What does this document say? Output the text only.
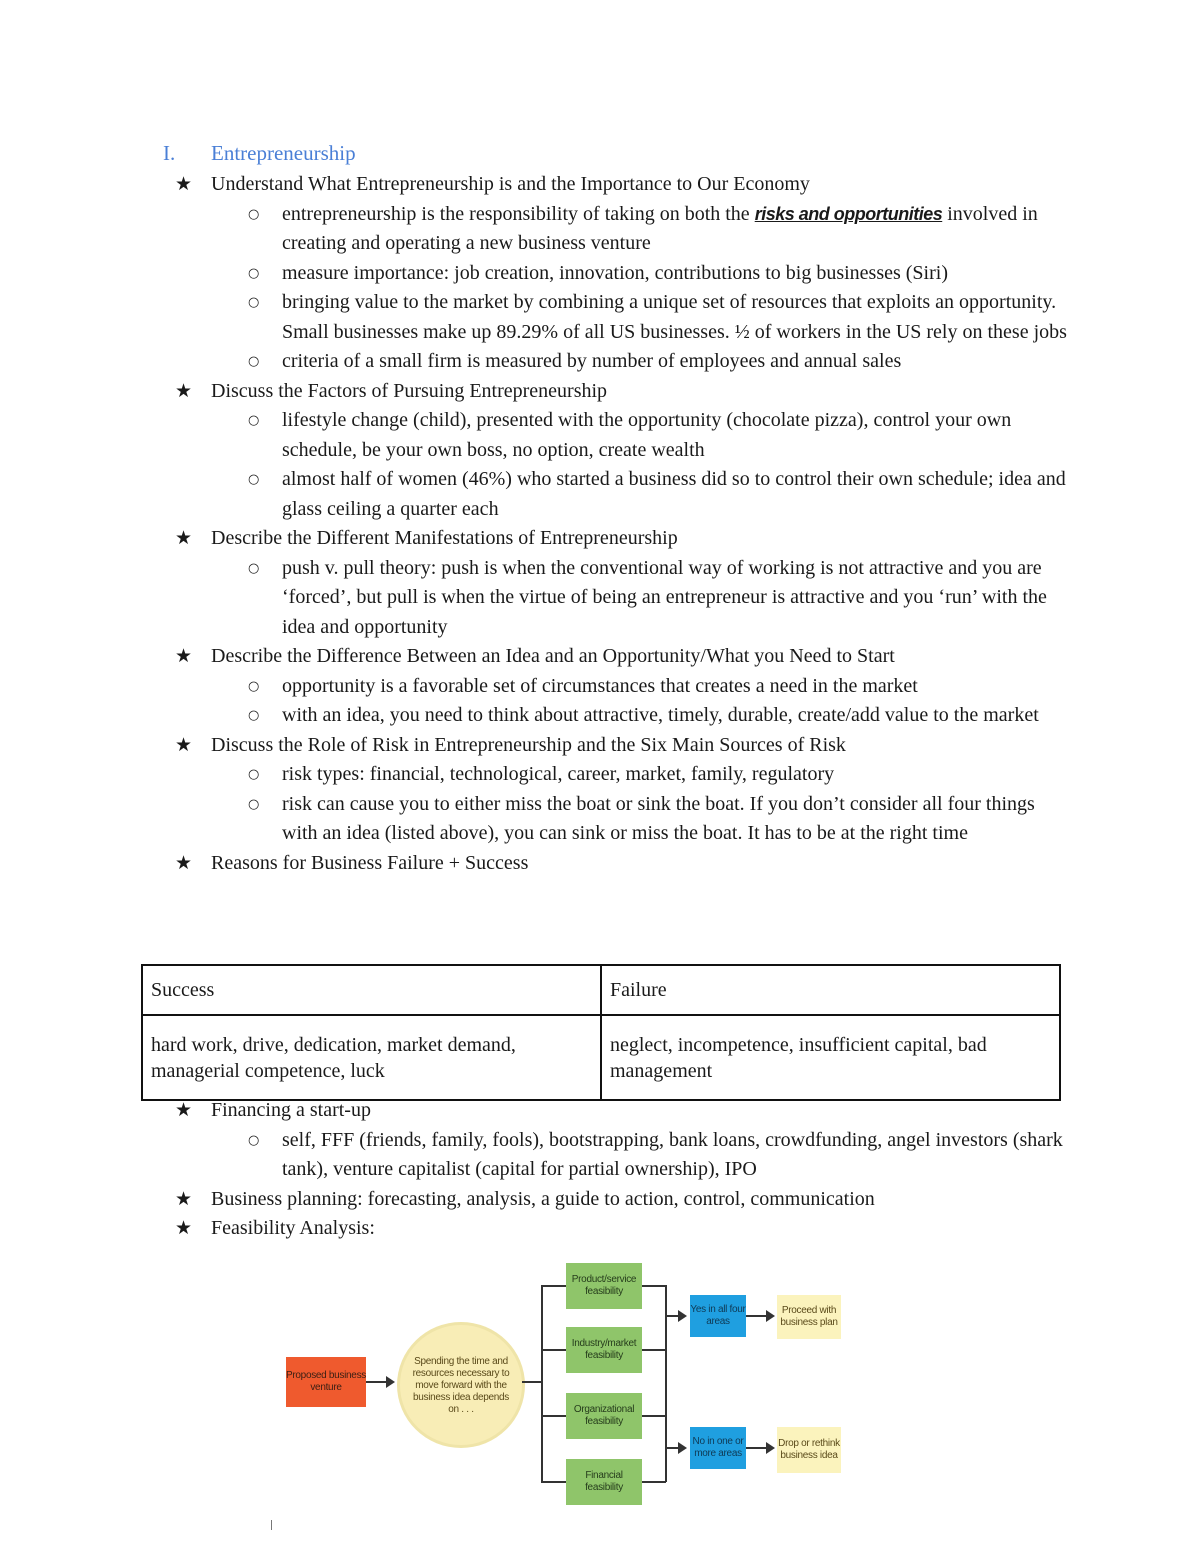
I. Entrepreneurship
★ Understand What Entrepreneurship is and the Importance to Our Economy
○ entrepreneurship is the responsibility of taking on both the risks and opportunities involved in creating and operating a new business venture
○ measure importance: job creation, innovation, contributions to big businesses (Siri)
○ bringing value to the market by combining a unique set of resources that exploits an opportunity. Small businesses make up 89.29% of all US businesses. ½ of workers in the US rely on these jobs
○ criteria of a small firm is measured by number of employees and annual sales
★ Discuss the Factors of Pursuing Entrepreneurship
○ lifestyle change (child), presented with the opportunity (chocolate pizza), control your own schedule, be your own boss, no option, create wealth
○ almost half of women (46%) who started a business did so to control their own schedule; idea and glass ceiling a quarter each
★ Describe the Different Manifestations of Entrepreneurship
○ push v. pull theory: push is when the conventional way of working is not attractive and you are ‘forced’, but pull is when the virtue of being an entrepreneur is attractive and you ‘run’ with the idea and opportunity
★ Describe the Difference Between an Idea and an Opportunity/What you Need to Start
○ opportunity is a favorable set of circumstances that creates a need in the market
○ with an idea, you need to think about attractive, timely, durable, create/add value to the market
★ Discuss the Role of Risk in Entrepreneurship and the Six Main Sources of Risk
○ risk types: financial, technological, career, market, family, regulatory
○ risk can cause you to either miss the boat or sink the boat. If you don’t consider all four things with an idea (listed above), you can sink or miss the boat. It has to be at the right time
★ Reasons for Business Failure + Success
Success	Failure
hard work, drive, dedication, market demand, managerial competence, luck	neglect, incompetence, insufficient capital, bad management
★ Financing a start-up
○ self, FFF (friends, family, fools), bootstrapping, bank loans, crowdfunding, angel investors (shark tank), venture capitalist (capital for partial ownership), IPO
★ Business planning: forecasting, analysis, a guide to action, control, communication
★ Feasibility Analysis:
Proposed business venture
Spending the time and resources necessary to move forward with the business idea depends on . . .
Product/service feasibility
Industry/market feasibility
Organizational feasibility
Financial feasibility
Yes in all four areas
No in one or more areas
Proceed with business plan
Drop or rethink business idea
